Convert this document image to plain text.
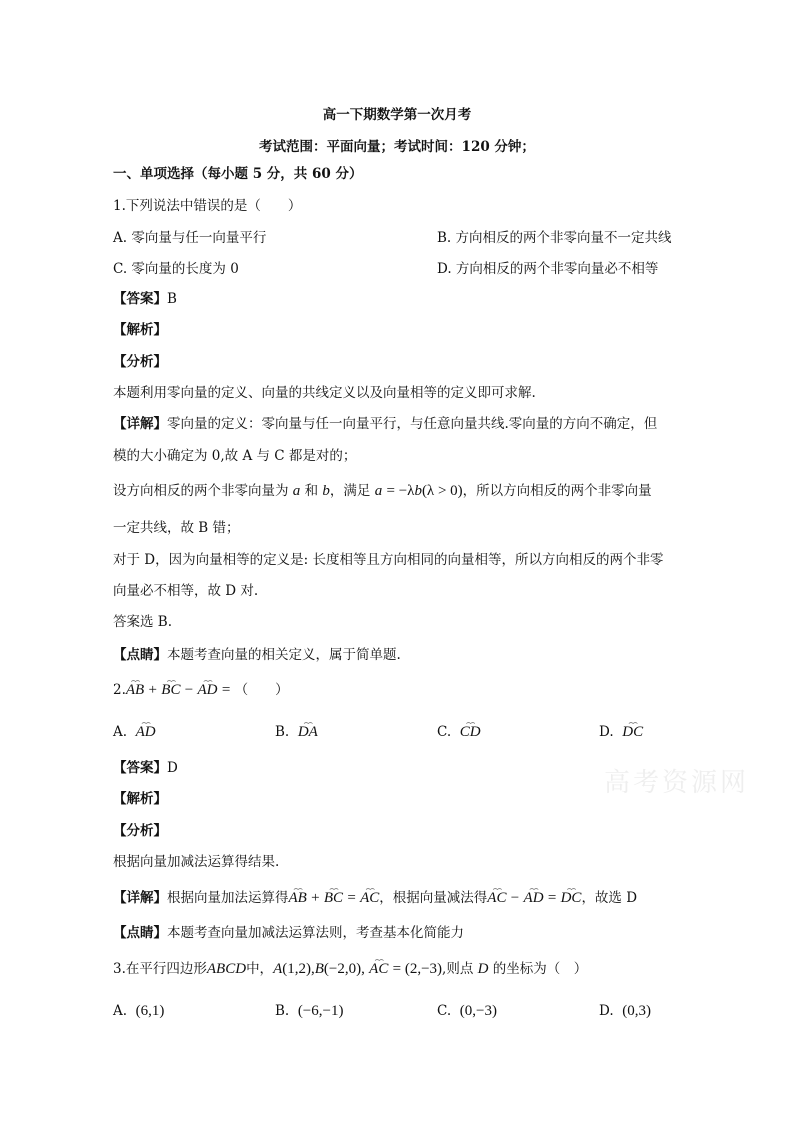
高一下期数学第一次月考
考试范围：平面向量；考试时间：120 分钟；
一、单项选择（每小题 5 分，共 60 分）
1.下列说法中错误的是（　　）
A. 零向量与任一向量平行	B. 方向相反的两个非零向量不一定共线
C. 零向量的长度为 0	D. 方向相反的两个非零向量必不相等
【答案】B
【解析】
【分析】
本题利用零向量的定义、向量的共线定义以及向量相等的定义即可求解.
【详解】零向量的定义：零向量与任一向量平行，与任意向量共线.零向量的方向不确定，但
模的大小确定为 0,故 A 与 C 都是对的；
设方向相反的两个非零向量为 a 和 b，满足 a = −λb(λ > 0)，所以方向相反的两个非零向量
一定共线，故 B 错；
对于 D，因为向量相等的定义是: 长度相等且方向相同的向量相等，所以方向相反的两个非零
向量必不相等，故 D 对.
答案选 B.
【点睛】本题考查向量的相关定义，属于简单题.
2.⌢⌢ AB + ⌢⌢ BC − ⌢⌢ AD = （　　）
A. ⌢⌢ AD	B. ⌢⌢ DA	C. ⌢⌢ CD	D. ⌢⌢ DC
高考资源网
【答案】D
【解析】
【分析】
根据向量加减法运算得结果.
【详解】根据向量加法运算得⌢⌢ AB + ⌢⌢ BC = ⌢⌢ AC，根据向量减法得⌢⌢ AC − ⌢⌢ AD = ⌢⌢ DC，故选 D
【点睛】本题考查向量加减法运算法则，考查基本化简能力
3.在平行四边形ABCD中，A(1,2),B(−2,0), ⌢⌢ AC = (2,−3),则点 D 的坐标为（　）
A. (6,1)	B. (−6,−1)	C. (0,−3)	D. (0,3)
